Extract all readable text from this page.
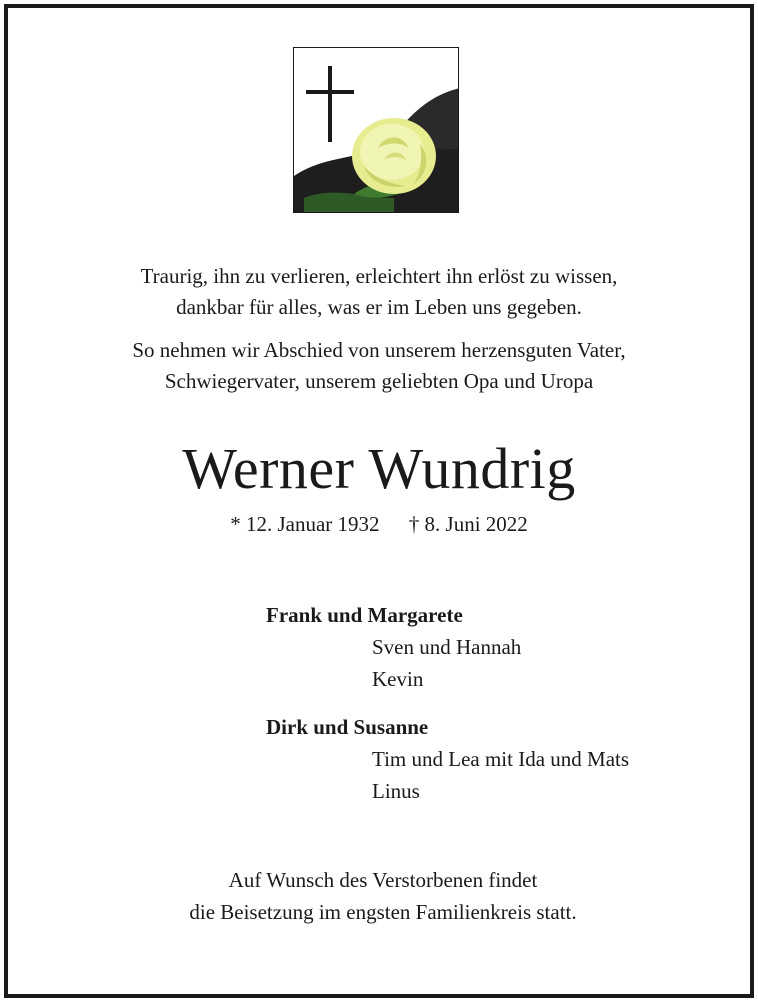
Traurig, ihn zu verlieren, erleichtert ihn erlöst zu wissen,
dankbar für alles, was er im Leben uns gegeben.
So nehmen wir Abschied von unserem herzensguten Vater,
Schwiegervater, unserem geliebten Opa und Uropa
Werner Wundrig
* 12. Januar 1932 † 8. Juni 2022
Frank und Margarete
Sven und Hannah
Kevin
Dirk und Susanne
Tim und Lea mit Ida und Mats
Linus
Auf Wunsch des Verstorbenen findet
die Beisetzung im engsten Familienkreis statt.
